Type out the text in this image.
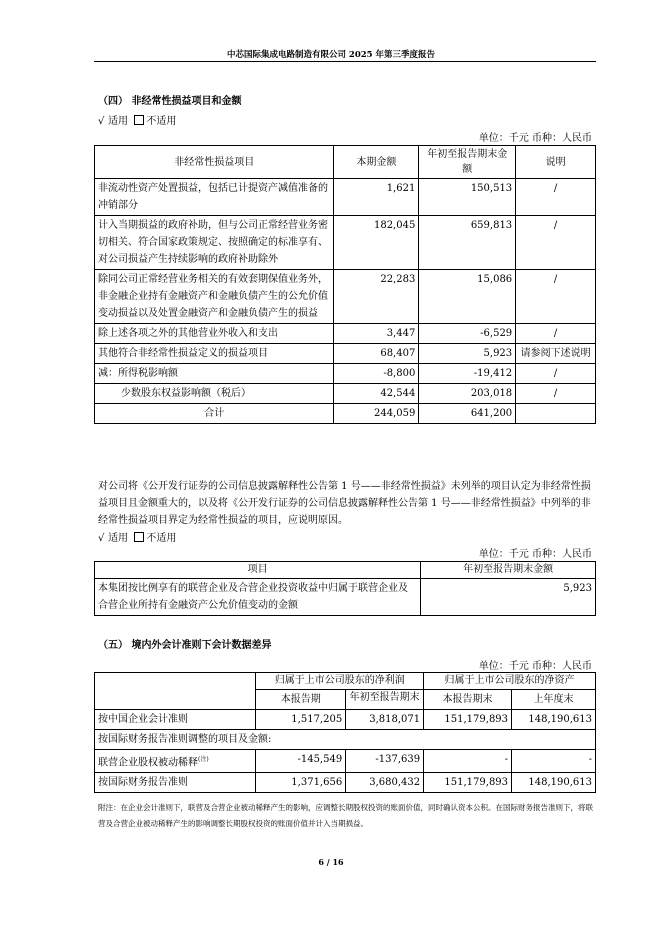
中芯国际集成电路制造有限公司 2025 年第三季度报告
（四） 非经常性损益项目和金额
√ 适用 不适用
单位：千元 币种：人民币
非经常性损益项目	本期金额	年初至报告期末金额	说明
非流动性资产处置损益，包括已计提资产减值准备的冲销部分	1,621	150,513	/
计入当期损益的政府补助，但与公司正常经营业务密切相关、符合国家政策规定、按照确定的标准享有、对公司损益产生持续影响的政府补助除外	182,045	659,813	/
除同公司正常经营业务相关的有效套期保值业务外，非金融企业持有金融资产和金融负债产生的公允价值变动损益以及处置金融资产和金融负债产生的损益	22,283	15,086	/
除上述各项之外的其他营业外收入和支出	3,447	-6,529	/
其他符合非经常性损益定义的损益项目	68,407	5,923	请参阅下述说明
减：所得税影响额	-8,800	-19,412	/
少数股东权益影响额（税后）	42,544	203,018	/
合计	244,059	641,200	
对公司将《公开发行证券的公司信息披露解释性公告第 1 号——非经常性损益》未列举的项目认定为非经常性损益项目且金额重大的，以及将《公开发行证券的公司信息披露解释性公告第 1 号——非经常性损益》中列举的非经常性损益项目界定为经常性损益的项目，应说明原因。
√ 适用 不适用
单位：千元 币种：人民币
项目	年初至报告期末金额
本集团按比例享有的联营企业及合营企业投资收益中归属于联营企业及合营企业所持有金融资产公允价值变动的金额	5,923
（五） 境内外会计准则下会计数据差异
单位：千元 币种：人民币
	归属于上市公司股东的净利润		归属于上市公司股东的净资产	
	本报告期	年初至报告期末	本报告期末	上年度末
按中国企业会计准则	1,517,205	3,818,071	151,179,893	148,190,613
按国际财务报告准则调整的项目及金额:				
联营企业股权被动稀释$^{(注)}$	-145,549	-137,639	-	-
按国际财务报告准则	1,371,656	3,680,432	151,179,893	148,190,613
附注：在企业会计准则下，联营及合营企业被动稀释产生的影响，应调整长期股权投资的账面价值，同时确认资本公积。在国际财务报告准则下，将联营及合营企业被动稀释产生的影响调整长期股权投资的账面价值并计入当期损益。
6 / 16
